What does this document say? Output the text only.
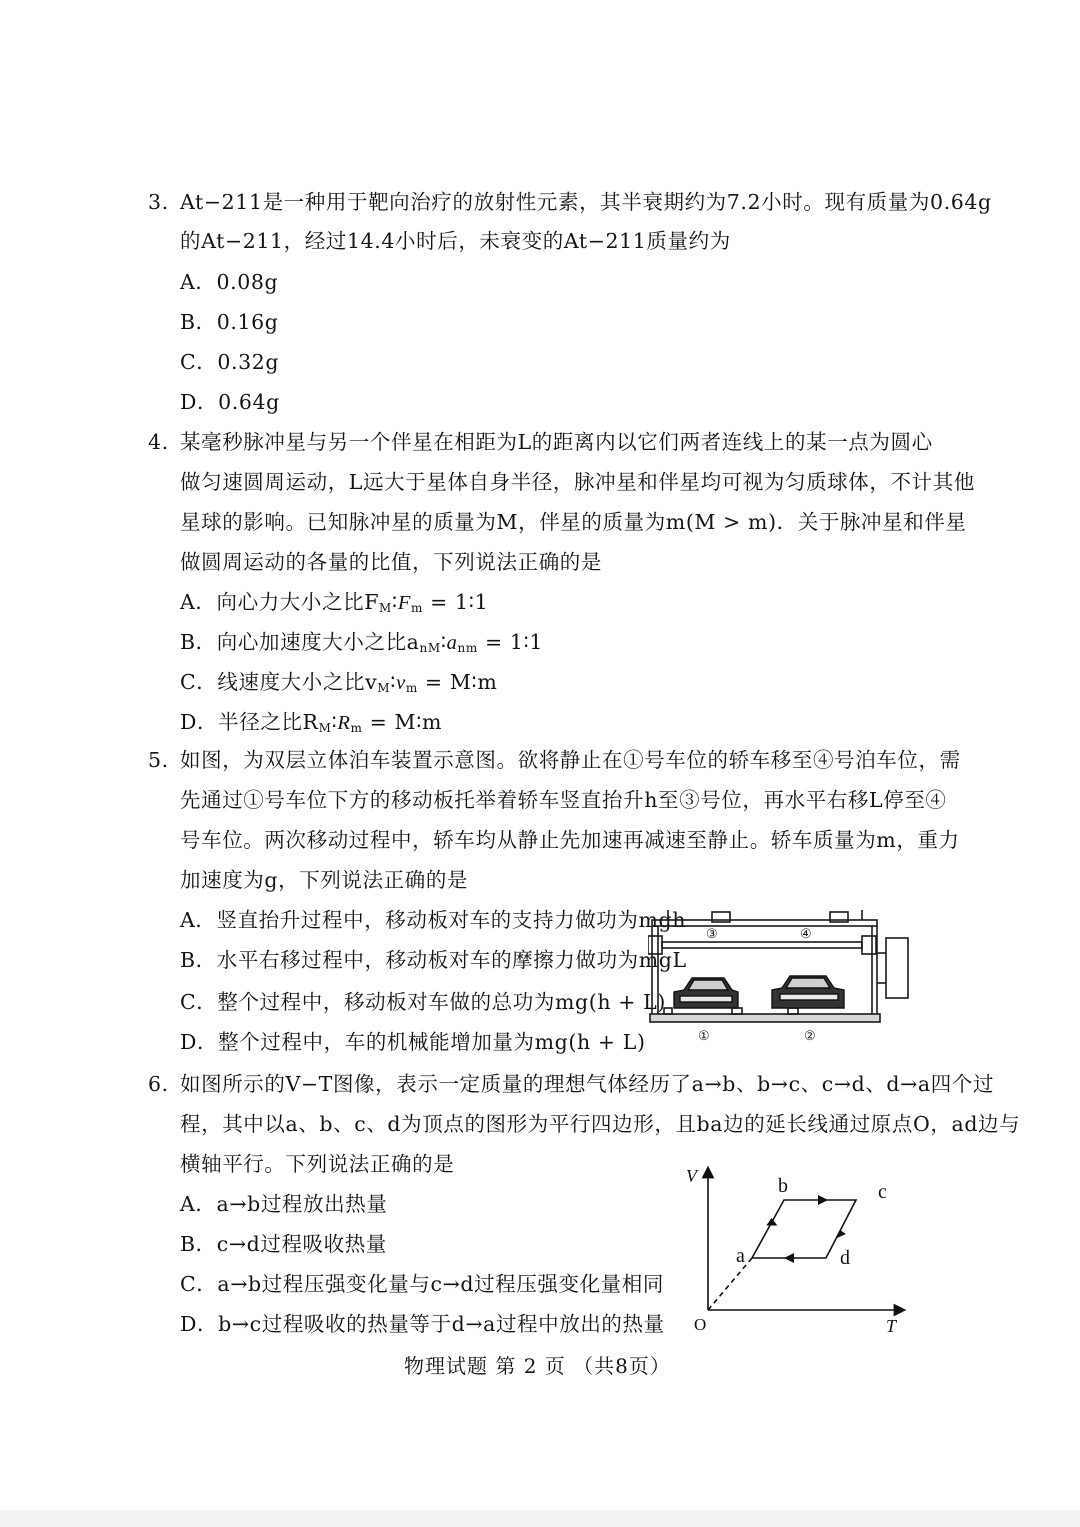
3. At−211是一种用于靶向治疗的放射性元素，其半衰期约为7.2小时。现有质量为0.64g
的At−211，经过14.4小时后，未衰变的At−211质量约为
A．0.08g
B．0.16g
C．0.32g
D．0.64g
4. 某毫秒脉冲星与另一个伴星在相距为L的距离内以它们两者连线上的某一点为圆心
做匀速圆周运动，L远大于星体自身半径，脉冲星和伴星均可视为匀质球体，不计其他
星球的影响。已知脉冲星的质量为M，伴星的质量为m(M > m)．关于脉冲星和伴星
做圆周运动的各量的比值，下列说法正确的是
A．向心力大小之比$F_M∶F_m$ = 1∶1
B．向心加速度大小之比$a_{nM}∶a_{nm}$ = 1∶1
C．线速度大小之比$v_M∶v_m$ = M∶m
D．半径之比$R_M∶R_m$ = M∶m
5. 如图，为双层立体泊车装置示意图。欲将静止在①号车位的轿车移至④号泊车位，需
先通过①号车位下方的移动板托举着轿车竖直抬升h至③号位，再水平右移L停至④
号车位。两次移动过程中，轿车均从静止先加速再减速至静止。轿车质量为m，重力
加速度为g，下列说法正确的是
A．竖直抬升过程中，移动板对车的支持力做功为mgh
B．水平右移过程中，移动板对车的摩擦力做功为mgL
C．整个过程中，移动板对车做的总功为mg(h + L)
D．整个过程中，车的机械能增加量为mg(h + L)
③	④
①	②
6. 如图所示的V−T图像，表示一定质量的理想气体经历了a→b、b→c、c→d、d→a四个过
程，其中以a、b、c、d为顶点的图形为平行四边形，且ba边的延长线通过原点O，ad边与
横轴平行。下列说法正确的是
A．a→b过程放出热量
B．c→d过程吸收热量
C．a→b过程压强变化量与c→d过程压强变化量相同
D．b→c过程吸收的热量等于d→a过程中放出的热量
V
T
O
a
b	c
d
物理试题 第 2 页 （共8页）
